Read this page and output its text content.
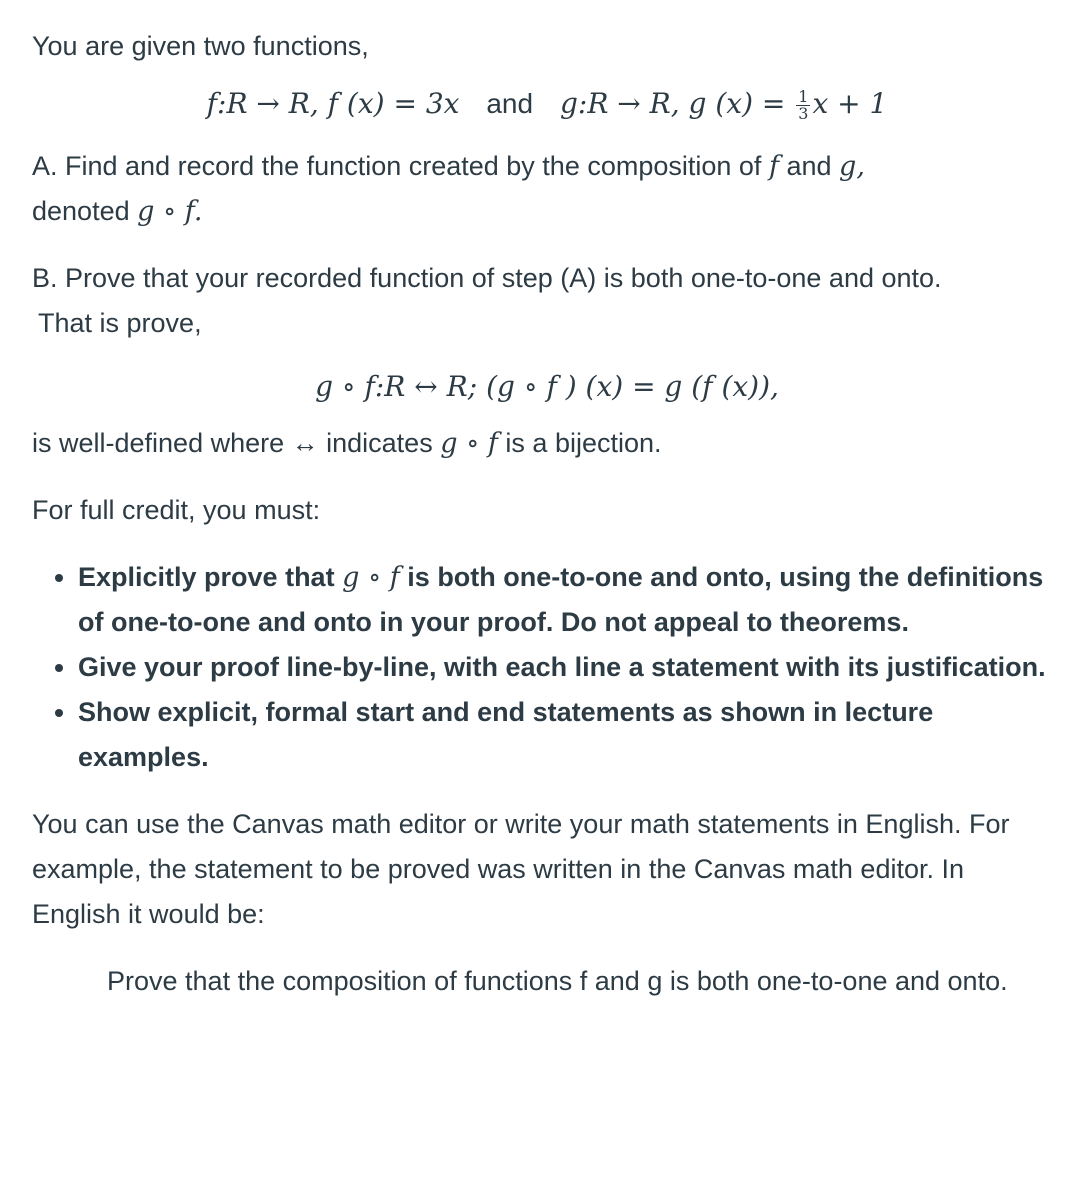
You are given two functions,

f:R → R, f (x) = 3x and g:R → R, g $(x) = \frac{1}{3}$ x + 1

A. Find and record the function created by the composition of f and g,
denoted g ∘ f.

B. Prove that your recorded function of step (A) is both one-to-one and onto.
That is prove,

g ∘ f:R ↔ R; (g ∘ f ) (x) = g (f (x)),

is well-defined where ↔ indicates g ∘ f is a bijection.

For full credit, you must:

• Explicitly prove that g ∘ f is both one-to-one and onto, using the definitions of one-to-one and onto in your proof. Do not appeal to theorems.
• Give your proof line-by-line, with each line a statement with its justification.
• Show explicit, formal start and end statements as shown in lecture examples.

You can use the Canvas math editor or write your math statements in English. For example, the statement to be proved was written in the Canvas math editor. In English it would be:

Prove that the composition of functions f and g is both one-to-one and onto.
